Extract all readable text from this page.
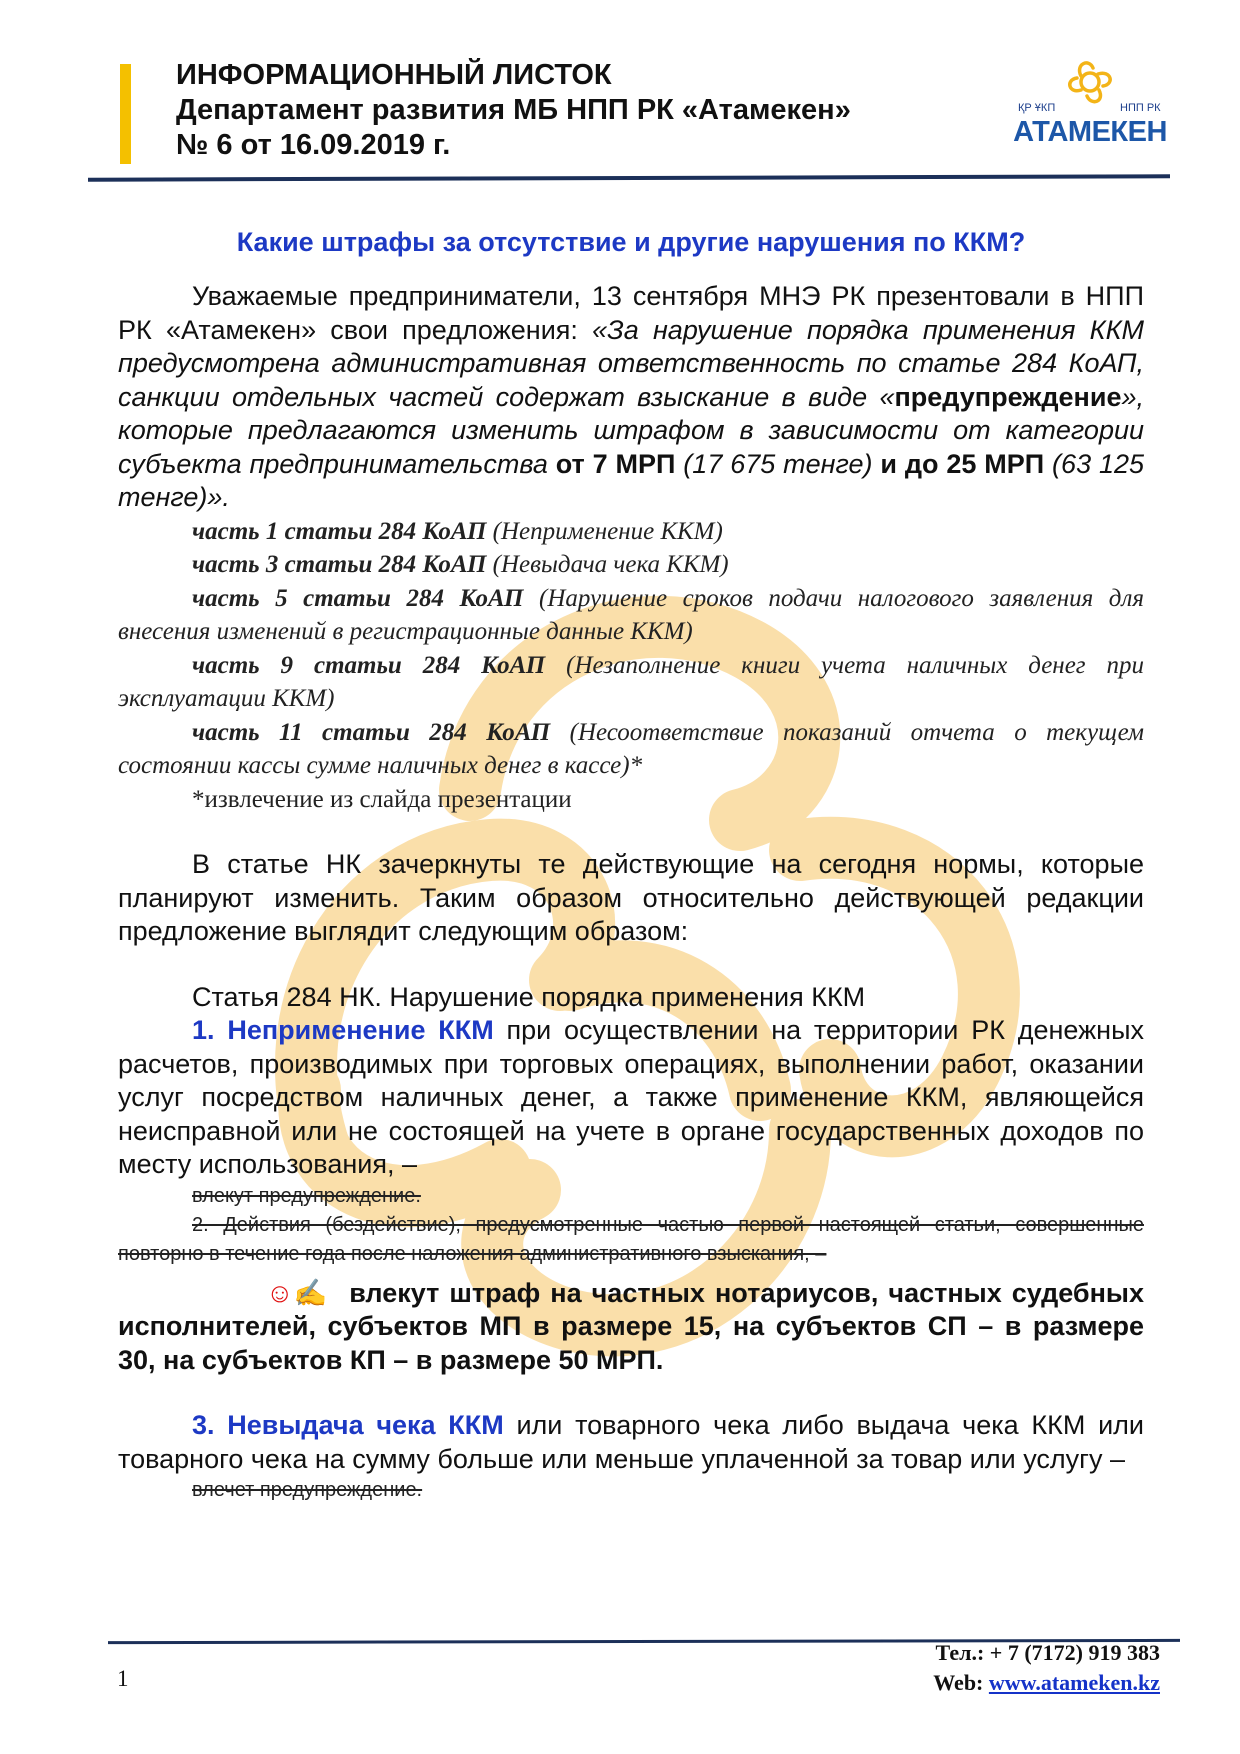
ИНФОРМАЦИОННЫЙ ЛИСТОК
Департамент развития МБ НПП РК «Атамекен»
№ 6 от 16.09.2019 г.
ҚР ҰКП	НПП РК
АТАМЕКЕН
Какие штрафы за отсутствие и другие нарушения по ККМ?

Уважаемые предприниматели, 13 сентября МНЭ РК презентовали в НПП РК «Атамекен» свои предложения: «За нарушение порядка применения ККМ предусмотрена административная ответственность по статье 284 КоАП, санкции отдельных частей содержат взыскание в виде «предупреждение», которые предлагаются изменить штрафом в зависимости от категории субъекта предпринимательства от 7 МРП (17 675 тенге) и до 25 МРП (63 125 тенге)».

часть 1 статьи 284 КоАП (Неприменение ККМ)

часть 3 статьи 284 КоАП (Невыдача чека ККМ)

часть 5 статьи 284 КоАП (Нарушение сроков подачи налогового заявления для внесения изменений в регистрационные данные ККМ)

часть 9 статьи 284 КоАП (Незаполнение книги учета наличных денег при эксплуатации ККМ)

часть 11 статьи 284 КоАП (Несоответствие показаний отчета о текущем состоянии кассы сумме наличных денег в кассе)*

*извлечение из слайда презентации

В статье НК зачеркнуты те действующие на сегодня нормы, которые планируют изменить. Таким образом относительно действующей редакции предложение выглядит следующим образом:

Статья 284 НК. Нарушение порядка применения ККМ

1. Неприменение ККМ при осуществлении на территории РК денежных расчетов, производимых при торговых операциях, выполнении работ, оказании услуг посредством наличных денег, а также применение ККМ, являющейся неисправной или не состоящей на учете в органе государственных доходов по месту использования, –

влекут предупреждение.

2. Действия (бездействие), предусмотренные частью первой настоящей статьи, совершенные повторно в течение года после наложения административного взыскания, –

☺✍ влекут штраф на частных нотариусов, частных судебных исполнителей, субъектов МП в размере 15, на субъектов СП – в размере 30, на субъектов КП – в размере 50 МРП.

3. Невыдача чека ККМ или товарного чека либо выдача чека ККМ или товарного чека на сумму больше или меньше уплаченной за товар или услугу –

влечет предупреждение.

1
Тел.: + 7 (7172) 919 383
Web: www.atameken.kz
